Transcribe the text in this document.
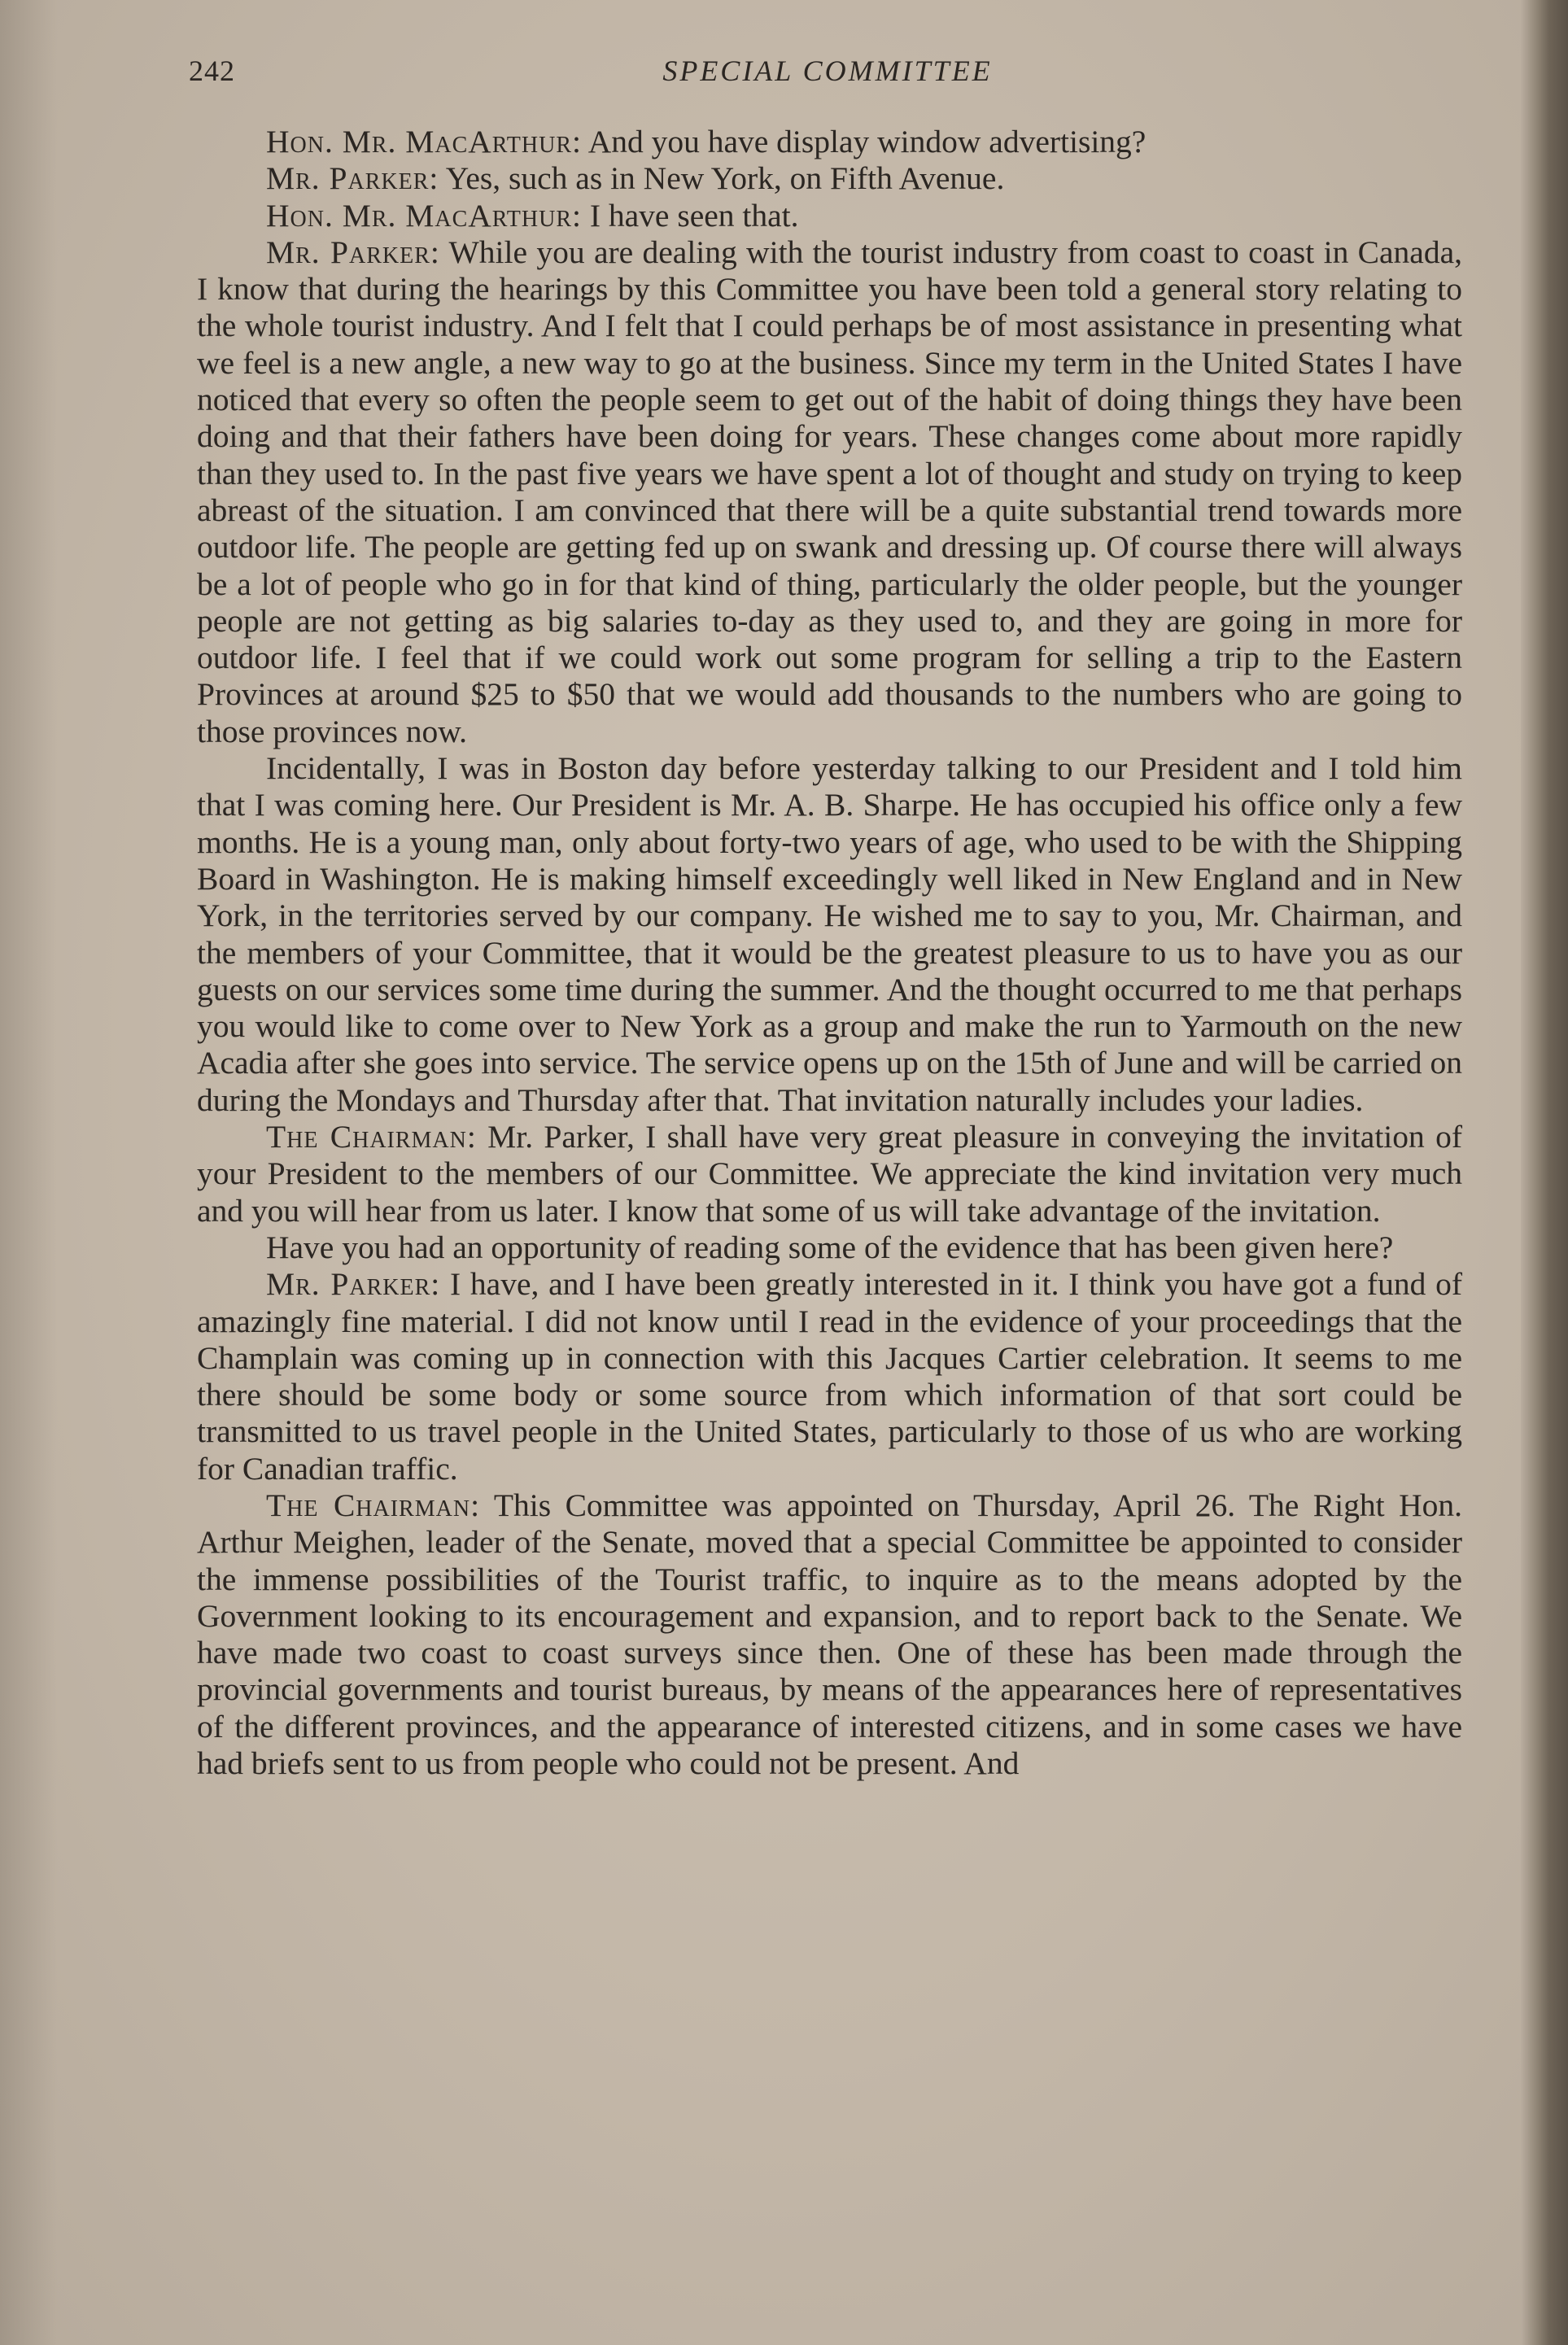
242	SPECIAL COMMITTEE

Hon. Mr. MacArthur: And you have display window advertising?

Mr. Parker: Yes, such as in New York, on Fifth Avenue.

Hon. Mr. MacArthur: I have seen that.

Mr. Parker: While you are dealing with the tourist industry from coast to coast in Canada, I know that during the hearings by this Committee you have been told a general story relating to the whole tourist industry. And I felt that I could perhaps be of most assistance in presenting what we feel is a new angle, a new way to go at the business. Since my term in the United States I have noticed that every so often the people seem to get out of the habit of doing things they have been doing and that their fathers have been doing for years. These changes come about more rapidly than they used to. In the past five years we have spent a lot of thought and study on trying to keep abreast of the situation. I am convinced that there will be a quite substantial trend towards more outdoor life. The people are getting fed up on swank and dressing up. Of course there will always be a lot of people who go in for that kind of thing, particularly the older people, but the younger people are not getting as big salaries to-day as they used to, and they are going in more for outdoor life. I feel that if we could work out some program for selling a trip to the Eastern Provinces at around $25 to $50 that we would add thousands to the numbers who are going to those provinces now.

Incidentally, I was in Boston day before yesterday talking to our President and I told him that I was coming here. Our President is Mr. A. B. Sharpe. He has occupied his office only a few months. He is a young man, only about forty-two years of age, who used to be with the Shipping Board in Washington. He is making himself exceedingly well liked in New England and in New York, in the territories served by our company. He wished me to say to you, Mr. Chairman, and the members of your Committee, that it would be the greatest pleasure to us to have you as our guests on our services some time during the summer. And the thought occurred to me that perhaps you would like to come over to New York as a group and make the run to Yarmouth on the new Acadia after she goes into service. The service opens up on the 15th of June and will be carried on during the Mondays and Thursday after that. That invitation naturally includes your ladies.

The Chairman: Mr. Parker, I shall have very great pleasure in conveying the invitation of your President to the members of our Committee. We appreciate the kind invitation very much and you will hear from us later. I know that some of us will take advantage of the invitation.

Have you had an opportunity of reading some of the evidence that has been given here?

Mr. Parker: I have, and I have been greatly interested in it. I think you have got a fund of amazingly fine material. I did not know until I read in the evidence of your proceedings that the Champlain was coming up in connection with this Jacques Cartier celebration. It seems to me there should be some body or some source from which information of that sort could be transmitted to us travel people in the United States, particularly to those of us who are working for Canadian traffic.

The Chairman: This Committee was appointed on Thursday, April 26. The Right Hon. Arthur Meighen, leader of the Senate, moved that a special Committee be appointed to consider the immense possibilities of the Tourist traffic, to inquire as to the means adopted by the Government looking to its encouragement and expansion, and to report back to the Senate. We have made two coast to coast surveys since then. One of these has been made through the provincial governments and tourist bureaus, by means of the appearances here of representatives of the different provinces, and the appearance of interested citizens, and in some cases we have had briefs sent to us from people who could not be present. And
